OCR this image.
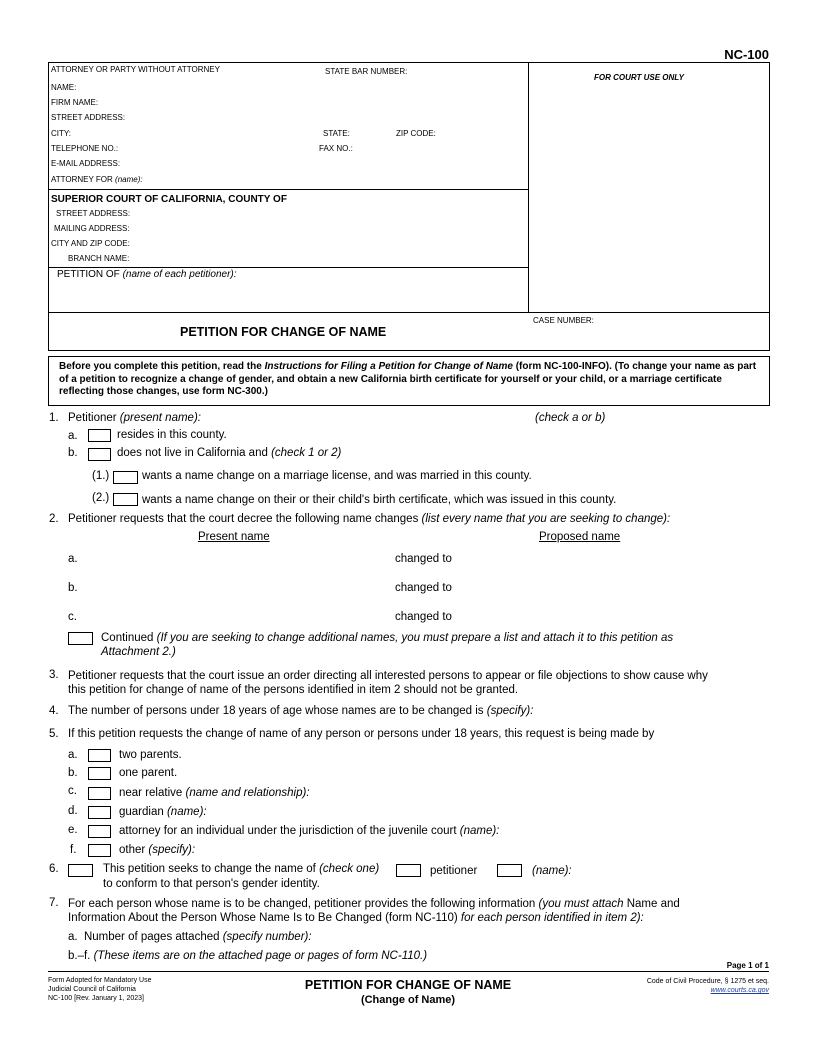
NC-100
ATTORNEY OR PARTY WITHOUT ATTORNEY	STATE BAR NUMBER:
FOR COURT USE ONLY
NAME:
FIRM NAME:
STREET ADDRESS:
CITY:	STATE:	ZIP CODE:
TELEPHONE NO.:	FAX NO.:
E-MAIL ADDRESS:
ATTORNEY FOR (name):
SUPERIOR COURT OF CALIFORNIA, COUNTY OF
STREET ADDRESS:
MAILING ADDRESS:
CITY AND ZIP CODE:
BRANCH NAME:
PETITION OF (name of each petitioner):
PETITION FOR CHANGE OF NAME
CASE NUMBER:
Before you complete this petition, read the Instructions for Filing a Petition for Change of Name (form NC-100-INFO). (To change your name as part of a petition to recognize a change of gender, and obtain a new California birth certificate for yourself or your child, or a marriage certificate reflecting those changes, use form NC-300.)
1. Petitioner (present name):	(check a or b)
a.	resides in this county.
b.	does not live in California and (check 1 or 2)
(1.)	wants a name change on a marriage license, and was married in this county.
(2.)	wants a name change on their or their child's birth certificate, which was issued in this county.
2. Petitioner requests that the court decree the following name changes (list every name that you are seeking to change):
Present name	Proposed name
a.	changed to
b.	changed to
c.	changed to
Continued (If you are seeking to change additional names, you must prepare a list and attach it to this petition as
Attachment 2.)
3. Petitioner requests that the court issue an order directing all interested persons to appear or file objections to show cause why
this petition for change of name of the persons identified in item 2 should not be granted.
4. The number of persons under 18 years of age whose names are to be changed is (specify):
5. If this petition requests the change of name of any person or persons under 18 years, this request is being made by
a.	two parents.
b.	one parent.
c.	near relative (name and relationship):
d.	guardian (name):
e.	attorney for an individual under the jurisdiction of the juvenile court (name):
f.	other (specify):
6.	This petition seeks to change the name of (check one)	petitioner	(name):
to conform to that person's gender identity.
7. For each person whose name is to be changed, petitioner provides the following information (you must attach Name and
Information About the Person Whose Name Is to Be Changed (form NC-110) for each person identified in item 2):
a. Number of pages attached (specify number):
b.–f. (These items are on the attached page or pages of form NC-110.)
Page 1 of 1
Form Adopted for Mandatory Use
Judicial Council of California
NC-100 [Rev. January 1, 2023]
PETITION FOR CHANGE OF NAME
(Change of Name)
Code of Civil Procedure, § 1275 et seq.
www.courts.ca.gov
